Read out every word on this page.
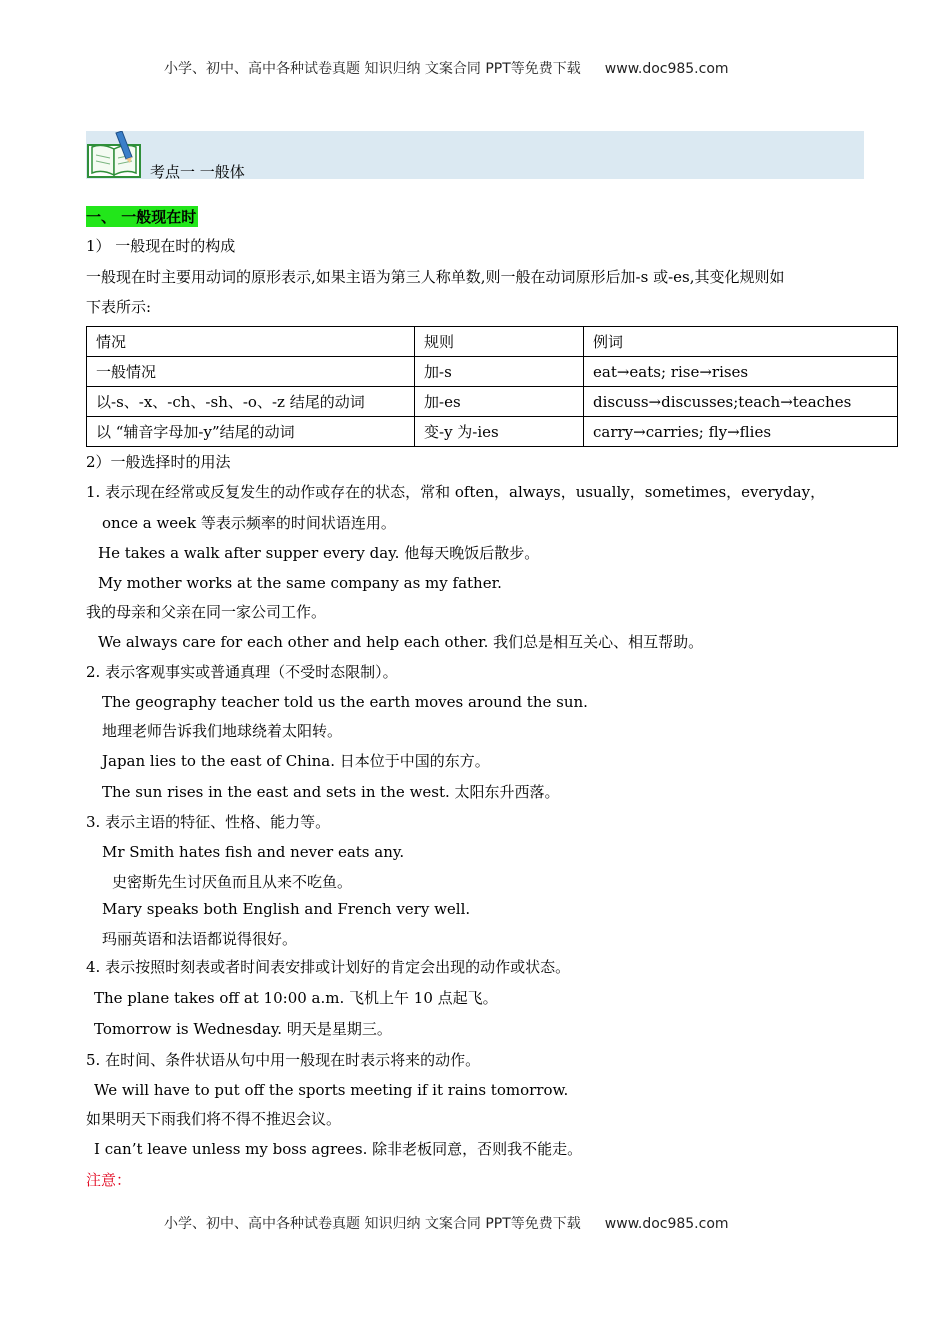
小学、初中、高中各种试卷真题 知识归纳 文案合同 PPT等免费下载 www.doc985.com
考点一 一般体
一、 一般现在时
1） 一般现在时的构成
一般现在时主要用动词的原形表示,如果主语为第三人称单数,则一般在动词原形后加-s 或-es,其变化规则如
下表所示:
情况	规则	例词
一般情况	加-s	eat→eats; rise→rises
以-s、-x、-ch、-sh、-o、-z 结尾的动词	加-es	discuss→discusses;teach→teaches
以 “辅音字母加-y”结尾的动词	变-y 为-ies	carry→carries; fly→flies
2）一般选择时的用法
1. 表示现在经常或反复发生的动作或存在的状态，常和 often，always，usually，sometimes，everyday，
once a week 等表示频率的时间状语连用。
He takes a walk after supper every day. 他每天晚饭后散步。
My mother works at the same company as my father.
我的母亲和父亲在同一家公司工作。
We always care for each other and help each other. 我们总是相互关心、相互帮助。
2. 表示客观事实或普通真理（不受时态限制）。
The geography teacher told us the earth moves around the sun.
地理老师告诉我们地球绕着太阳转。
Japan lies to the east of China. 日本位于中国的东方。
The sun rises in the east and sets in the west. 太阳东升西落。
3. 表示主语的特征、性格、能力等。
Mr Smith hates fish and never eats any.
史密斯先生讨厌鱼而且从来不吃鱼。
Mary speaks both English and French very well.
玛丽英语和法语都说得很好。
4. 表示按照时刻表或者时间表安排或计划好的肯定会出现的动作或状态。
The plane takes off at 10:00 a.m. 飞机上午 10 点起飞。
Tomorrow is Wednesday. 明天是星期三。
5. 在时间、条件状语从句中用一般现在时表示将来的动作。
We will have to put off the sports meeting if it rains tomorrow.
如果明天下雨我们将不得不推迟会议。
I can’t leave unless my boss agrees. 除非老板同意，否则我不能走。
注意：
小学、初中、高中各种试卷真题 知识归纳 文案合同 PPT等免费下载 www.doc985.com
